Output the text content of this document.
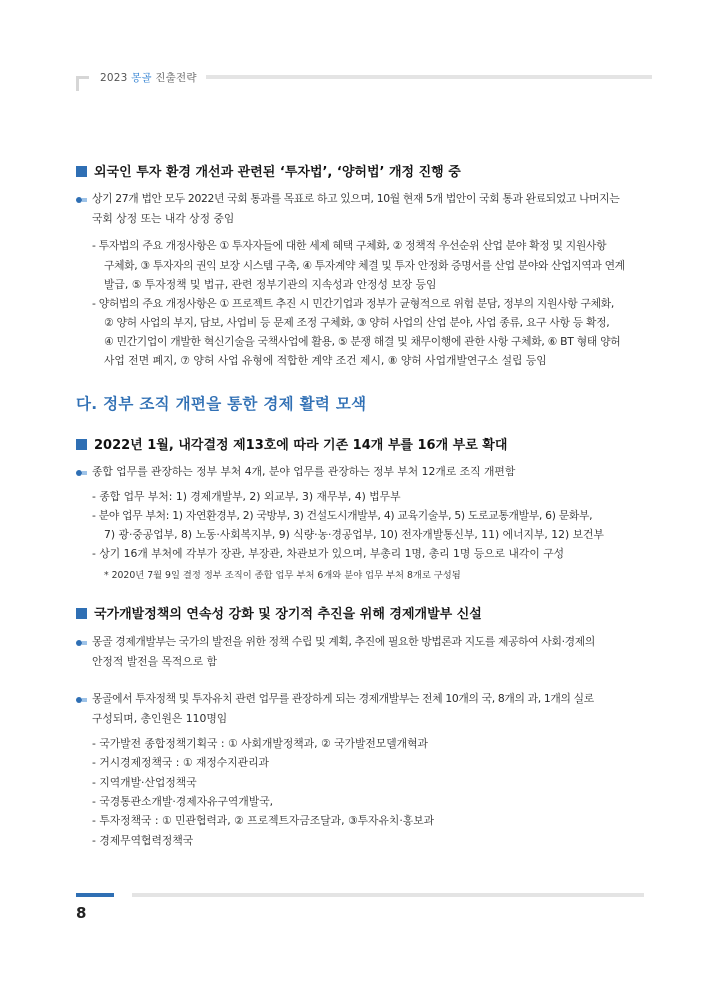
2023 몽골 진출전략
외국인 투자 환경 개선과 관련된 ‘투자법’, ‘양허법’ 개정 진행 중
상기 27개 법안 모두 2022년 국회 통과를 목표로 하고 있으며, 10월 현재 5개 법안이 국회 통과 완료되었고 나머지는
국회 상정 또는 내각 상정 중임
- 투자법의 주요 개정사항은 ① 투자자들에 대한 세제 혜택 구체화, ② 정책적 우선순위 산업 분야 확정 및 지원사항
구체화, ③ 투자자의 권익 보장 시스템 구축, ④ 투자계약 체결 및 투자 안정화 증명서를 산업 분야와 산업지역과 연계
발급, ⑤ 투자정책 및 법규, 관련 정부기관의 지속성과 안정성 보장 등임
- 양허법의 주요 개정사항은 ① 프로젝트 추진 시 민간기업과 정부가 균형적으로 위험 분담, 정부의 지원사항 구체화,
② 양허 사업의 부지, 담보, 사업비 등 문제 조정 구체화, ③ 양허 사업의 산업 분야, 사업 종류, 요구 사항 등 확정,
④ 민간기업이 개발한 혁신기술을 국책사업에 활용, ⑤ 분쟁 해결 및 채무이행에 관한 사항 구체화, ⑥ BT 형태 양허
사업 전면 폐지, ⑦ 양허 사업 유형에 적합한 계약 조건 제시, ⑧ 양허 사업개발연구소 설립 등임
다. 정부 조직 개편을 통한 경제 활력 모색
2022년 1월, 내각결정 제13호에 따라 기존 14개 부를 16개 부로 확대
종합 업무를 관장하는 정부 부처 4개, 분야 업무를 관장하는 정부 부처 12개로 조직 개편함
- 종합 업무 부처: 1) 경제개발부, 2) 외교부, 3) 재무부, 4) 법무부
- 분야 업무 부처: 1) 자연환경부, 2) 국방부, 3) 건설도시개발부, 4) 교육기술부, 5) 도로교통개발부, 6) 문화부,
7) 광·중공업부, 8) 노동·사회복지부, 9) 식량·농·경공업부, 10) 전자개발통신부, 11) 에너지부, 12) 보건부
- 상기 16개 부처에 각부가 장관, 부장관, 차관보가 있으며, 부총리 1명, 총리 1명 등으로 내각이 구성
* 2020년 7월 9일 결정 정부 조직이 종합 업무 부처 6개와 분야 업무 부처 8개로 구성됨
국가개발정책의 연속성 강화 및 장기적 추진을 위해 경제개발부 신설
몽골 경제개발부는 국가의 발전을 위한 정책 수립 및 계획, 추진에 필요한 방법론과 지도를 제공하여 사회·경제의
안정적 발전을 목적으로 함
몽골에서 투자정책 및 투자유치 관련 업무를 관장하게 되는 경제개발부는 전체 10개의 국, 8개의 과, 1개의 실로
구성되며, 총인원은 110명임
- 국가발전 종합정책기획국 : ① 사회개발정책과, ② 국가발전모델개혁과
- 거시경제정책국 : ① 재정수지관리과
- 지역개발·산업정책국
- 국경통관소개발·경제자유구역개발국,
- 투자정책국 : ① 민관협력과, ② 프로젝트자금조달과, ③투자유치·홍보과
- 경제무역협력정책국
8
